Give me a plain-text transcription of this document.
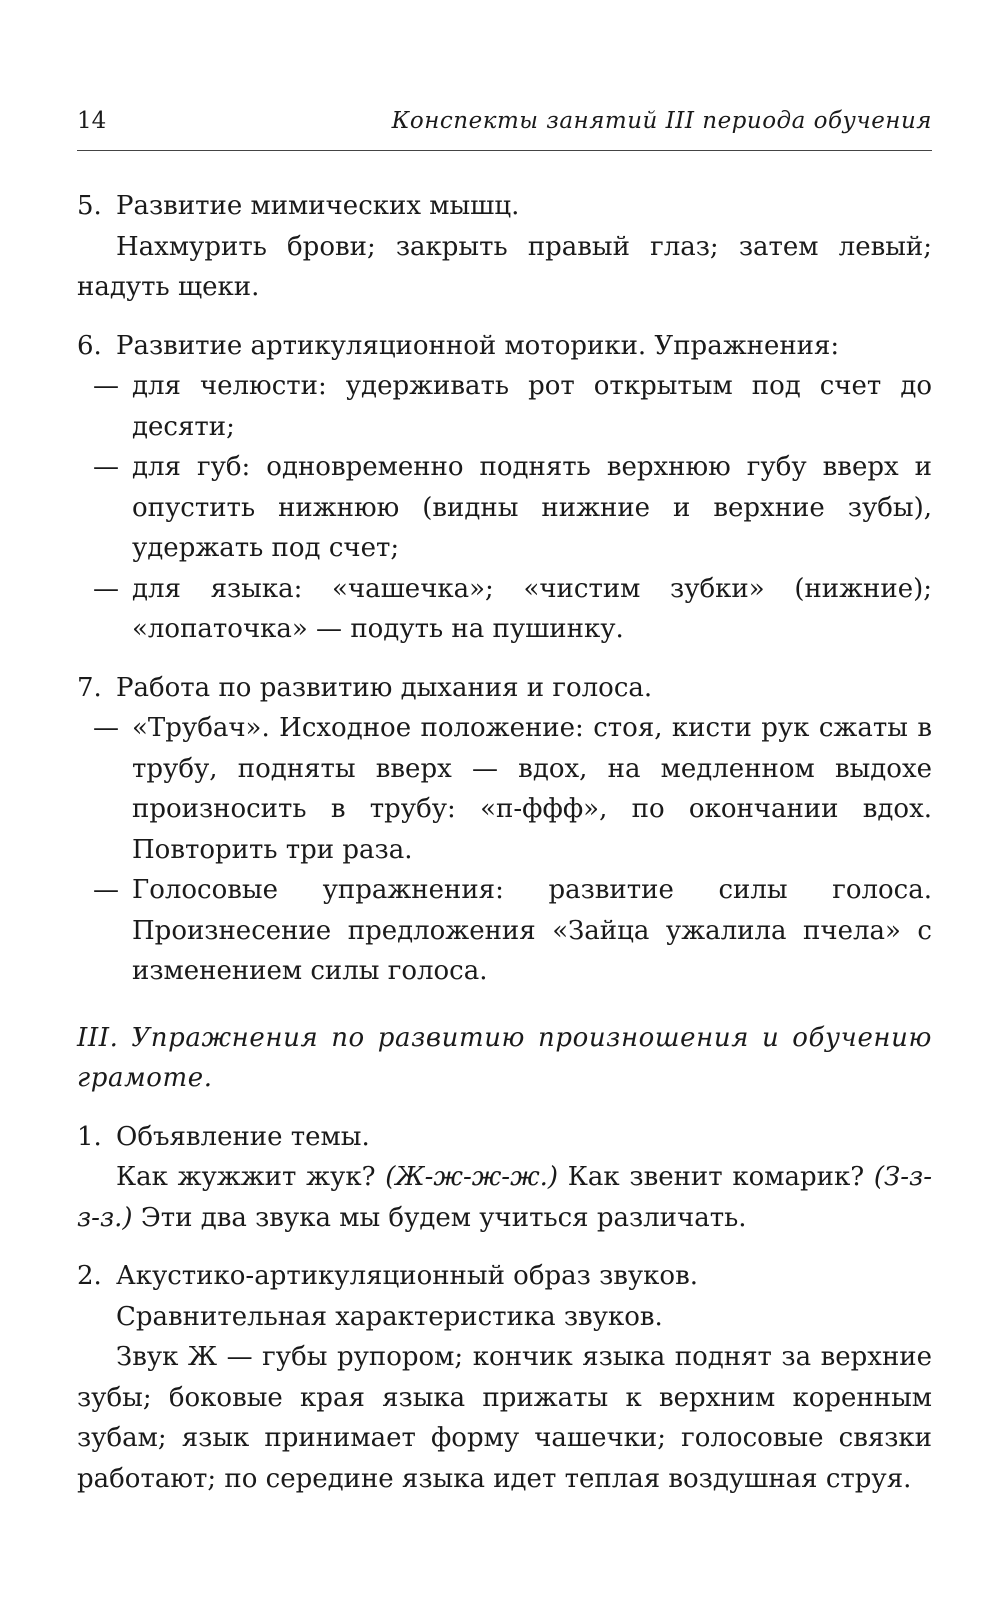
14	Конспекты занятий III периода обучения

5. Развитие мимических мышц.

Нахмурить брови; закрыть правый глаз; затем левый; надуть щеки.

6. Развитие артикуляционной моторики. Упражнения:

— для челюсти: удерживать рот открытым под счет до десяти;

— для губ: одновременно поднять верхнюю губу вверх и опустить нижнюю (видны нижние и верхние зубы), удержать под счет;

— для языка: «чашечка»; «чистим зубки» (нижние); «лопаточка» — подуть на пушинку.

7. Работа по развитию дыхания и голоса.

— «Трубач». Исходное положение: стоя, кисти рук сжаты в трубу, подняты вверх — вдох, на медленном выдохе произносить в трубу: «п-ффф», по окончании вдох. Повторить три раза.

— Голосовые упражнения: развитие силы голоса. Произнесение предложения «Зайца ужалила пчела» с изменением силы голоса.

III. Упражнения по развитию произношения и обучению грамоте.

1. Объявление темы.

Как жужжит жук? (Ж-ж-ж-ж.) Как звенит комарик? (З-з-з-з.) Эти два звука мы будем учиться различать.

2. Акустико-артикуляционный образ звуков.

Сравнительная характеристика звуков.

Звук Ж — губы рупором; кончик языка поднят за верхние зубы; боковые края языка прижаты к верхним коренным зубам; язык принимает форму чашечки; голосовые связки работают; по середине языка идет теплая воздушная струя.
